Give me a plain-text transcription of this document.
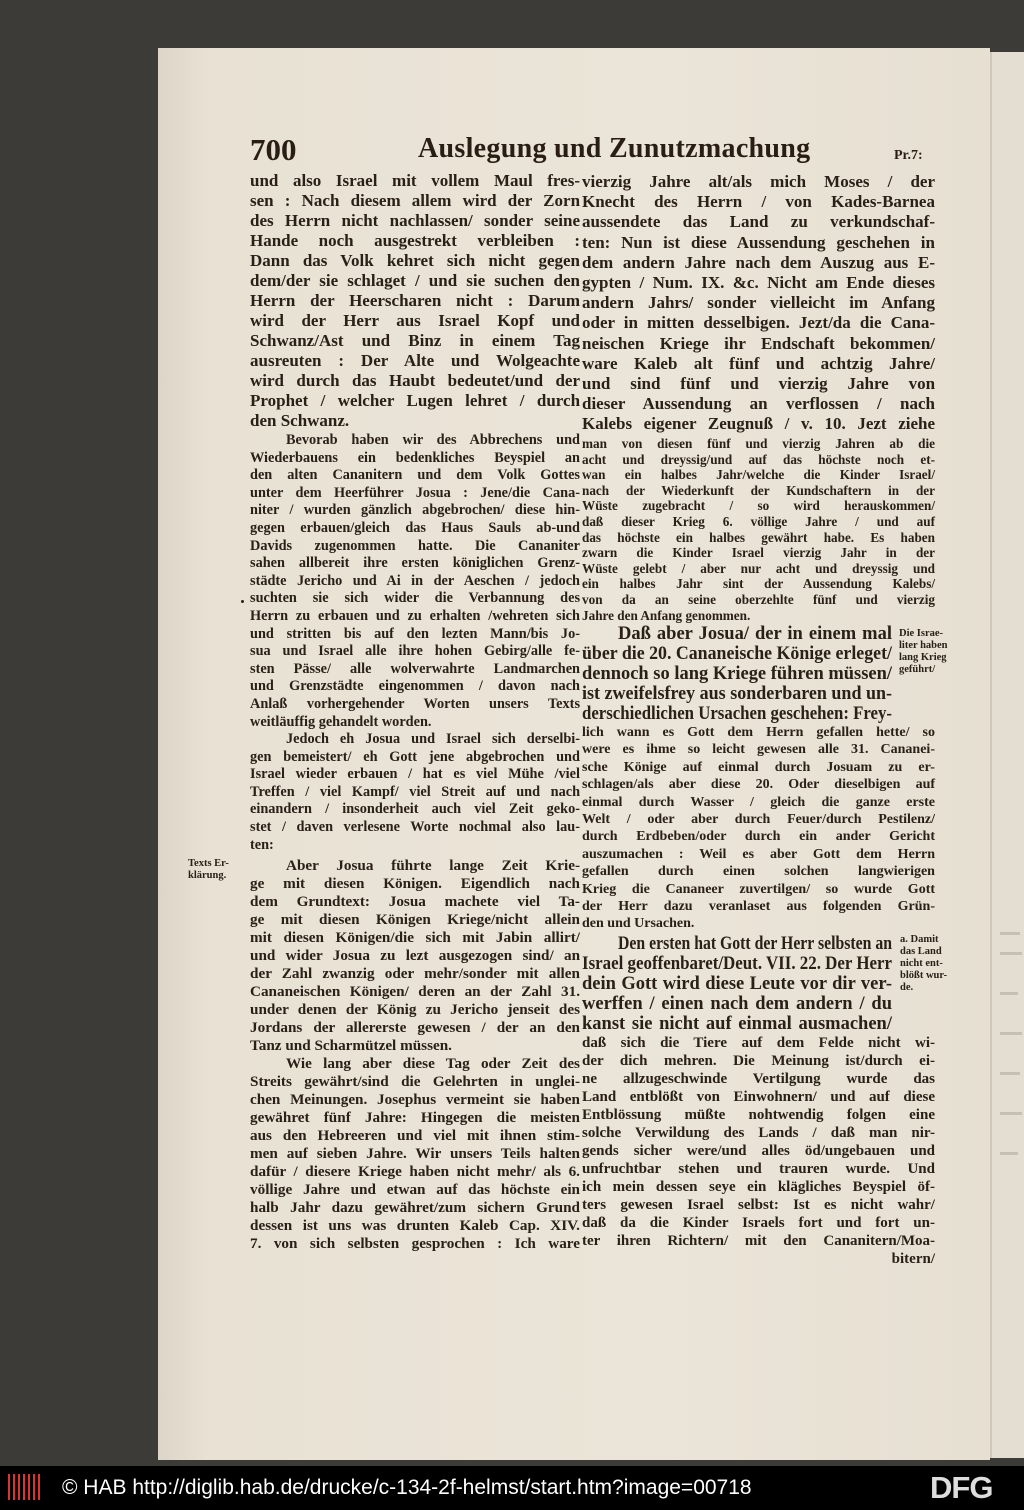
700	Auslegung und Zunutzmachung	Pr.7:
und also Israel mit vollem Maul fres-
sen : Nach diesem allem wird der Zorn
des Herrn nicht nachlassen/ sonder seine
Hande noch ausgestrekt verbleiben :
Dann das Volk kehret sich nicht gegen
dem/der sie schlaget / und sie suchen den
Herrn der Heerscharen nicht : Darum
wird der Herr aus Israel Kopf und
Schwanz/Ast und Binz in einem Tag
ausreuten : Der Alte und Wolgeachte
wird durch das Haubt bedeutet/und der
Prophet / welcher Lugen lehret / durch
den Schwanz.
Bevorab haben wir des Abbrechens und
Wiederbauens ein bedenkliches Beyspiel an
den alten Cananitern und dem Volk Gottes
unter dem Heerführer Josua : Jene/die Cana-
niter / wurden gänzlich abgebrochen/ diese hin-
gegen erbauen/gleich das Haus Sauls ab-und
Davids zugenommen hatte. Die Cananiter
sahen allbereit ihre ersten königlichen Grenz-
städte Jericho und Ai in der Aeschen / jedoch
suchten sie sich wider die Verbannung des
Herrn zu erbauen und zu erhalten /wehreten sich
und stritten bis auf den lezten Mann/bis Jo-
sua und Israel alle ihre hohen Gebirg/alle fe-
sten Pässe/ alle wolverwahrte Landmarchen
und Grenzstädte eingenommen / davon nach
Anlaß vorhergehender Worten unsers Texts
weitläuffig gehandelt worden.
Jedoch eh Josua und Israel sich derselbi-
gen bemeistert/ eh Gott jene abgebrochen und
Israel wieder erbauen / hat es viel Mühe /viel
Treffen / viel Kampf/ viel Streit auf und nach
einandern / insonderheit auch viel Zeit geko-
stet / daven verlesene Worte nochmal also lau-
ten:
Aber Josua führte lange Zeit Krie-
ge mit diesen Königen. Eigendlich nach
dem Grundtext: Josua machete viel Ta-
ge mit diesen Königen Kriege/nicht allein
mit diesen Königen/die sich mit Jabin allirt/
und wider Josua zu lezt ausgezogen sind/ an
der Zahl zwanzig oder mehr/sonder mit allen
Cananeischen Königen/ deren an der Zahl 31.
under denen der König zu Jericho jenseit des
Jordans der allererste gewesen / der an den
Tanz und Scharmützel müssen.
Wie lang aber diese Tag oder Zeit des
Streits gewährt/sind die Gelehrten in unglei-
chen Meinungen. Josephus vermeint sie haben
gewähret fünf Jahre: Hingegen die meisten
aus den Hebreeren und viel mit ihnen stim-
men auf sieben Jahre. Wir unsers Teils halten
dafür / diesere Kriege haben nicht mehr/ als 6.
völlige Jahre und etwan auf das höchste ein
halb Jahr dazu gewähret/zum sichern Grund
dessen ist uns was drunten Kaleb Cap. XIV.
7. von sich selbsten gesprochen : Ich ware
vierzig Jahre alt/als mich Moses / der
Knecht des Herrn / von Kades-Barnea
aussendete das Land zu verkundschaf-
ten: Nun ist diese Aussendung geschehen in
dem andern Jahre nach dem Auszug aus E-
gypten / Num. IX. &c. Nicht am Ende dieses
andern Jahrs/ sonder vielleicht im Anfang
oder in mitten desselbigen. Jezt/da die Cana-
neischen Kriege ihr Endschaft bekommen/
ware Kaleb alt fünf und achtzig Jahre/
und sind fünf und vierzig Jahre von
dieser Aussendung an verflossen / nach
Kalebs eigener Zeugnuß / v. 10. Jezt ziehe
man von diesen fünf und vierzig Jahren ab die
acht und dreyssig/und auf das höchste noch et-
wan ein halbes Jahr/welche die Kinder Israel/
nach der Wiederkunft der Kundschaftern in der
Wüste zugebracht / so wird herauskommen/
daß dieser Krieg 6. völlige Jahre / und auf
das höchste ein halbes gewährt habe. Es haben
zwarn die Kinder Israel vierzig Jahr in der
Wüste gelebt / aber nur acht und dreyssig und
ein halbes Jahr sint der Aussendung Kalebs/
von da an seine oberzehlte fünf und vierzig
Jahre den Anfang genommen.
Daß aber Josua/ der in einem mal
über die 20. Cananeische Könige erleget/
dennoch so lang Kriege führen müssen/
ist zweifelsfrey aus sonderbaren und un-
derschiedlichen Ursachen geschehen: Frey-
lich wann es Gott dem Herrn gefallen hette/ so
were es ihme so leicht gewesen alle 31. Cananei-
sche Könige auf einmal durch Josuam zu er-
schlagen/als aber diese 20. Oder dieselbigen auf
einmal durch Wasser / gleich die ganze erste
Welt / oder aber durch Feuer/durch Pestilenz/
durch Erdbeben/oder durch ein ander Gericht
auszumachen : Weil es aber Gott dem Herrn
gefallen durch einen solchen langwierigen
Krieg die Cananeer zuvertilgen/ so wurde Gott
der Herr dazu veranlaset aus folgenden Grün-
den und Ursachen.
Den ersten hat Gott der Herr selbsten an
Israel geoffenbaret/Deut. VII. 22. Der Herr
dein Gott wird diese Leute vor dir ver-
werffen / einen nach dem andern / du
kanst sie nicht auf einmal ausmachen/
daß sich die Tiere auf dem Felde nicht wi-
der dich mehren. Die Meinung ist/durch ei-
ne allzugeschwinde Vertilgung wurde das
Land entblößt von Einwohnern/ und auf diese
Entblössung müßte nohtwendig folgen eine
solche Verwildung des Lands / daß man nir-
gends sicher were/und alles öd/ungebauen und
unfruchtbar stehen und trauren wurde. Und
ich mein dessen seye ein klägliches Beyspiel öf-
ters gewesen Israel selbst: Ist es nicht wahr/
daß da die Kinder Israels fort und fort un-
ter ihren Richtern/ mit den Cananitern/Moa-
bitern/
Texts Er-
klärung.
Die Israe-
liter haben
lang Krieg
geführt/
a. Damit
das Land
nicht ent-
blößt wur-
de.
© HAB http://diglib.hab.de/drucke/c-134-2f-helmst/start.htm?image=00718	DFG
